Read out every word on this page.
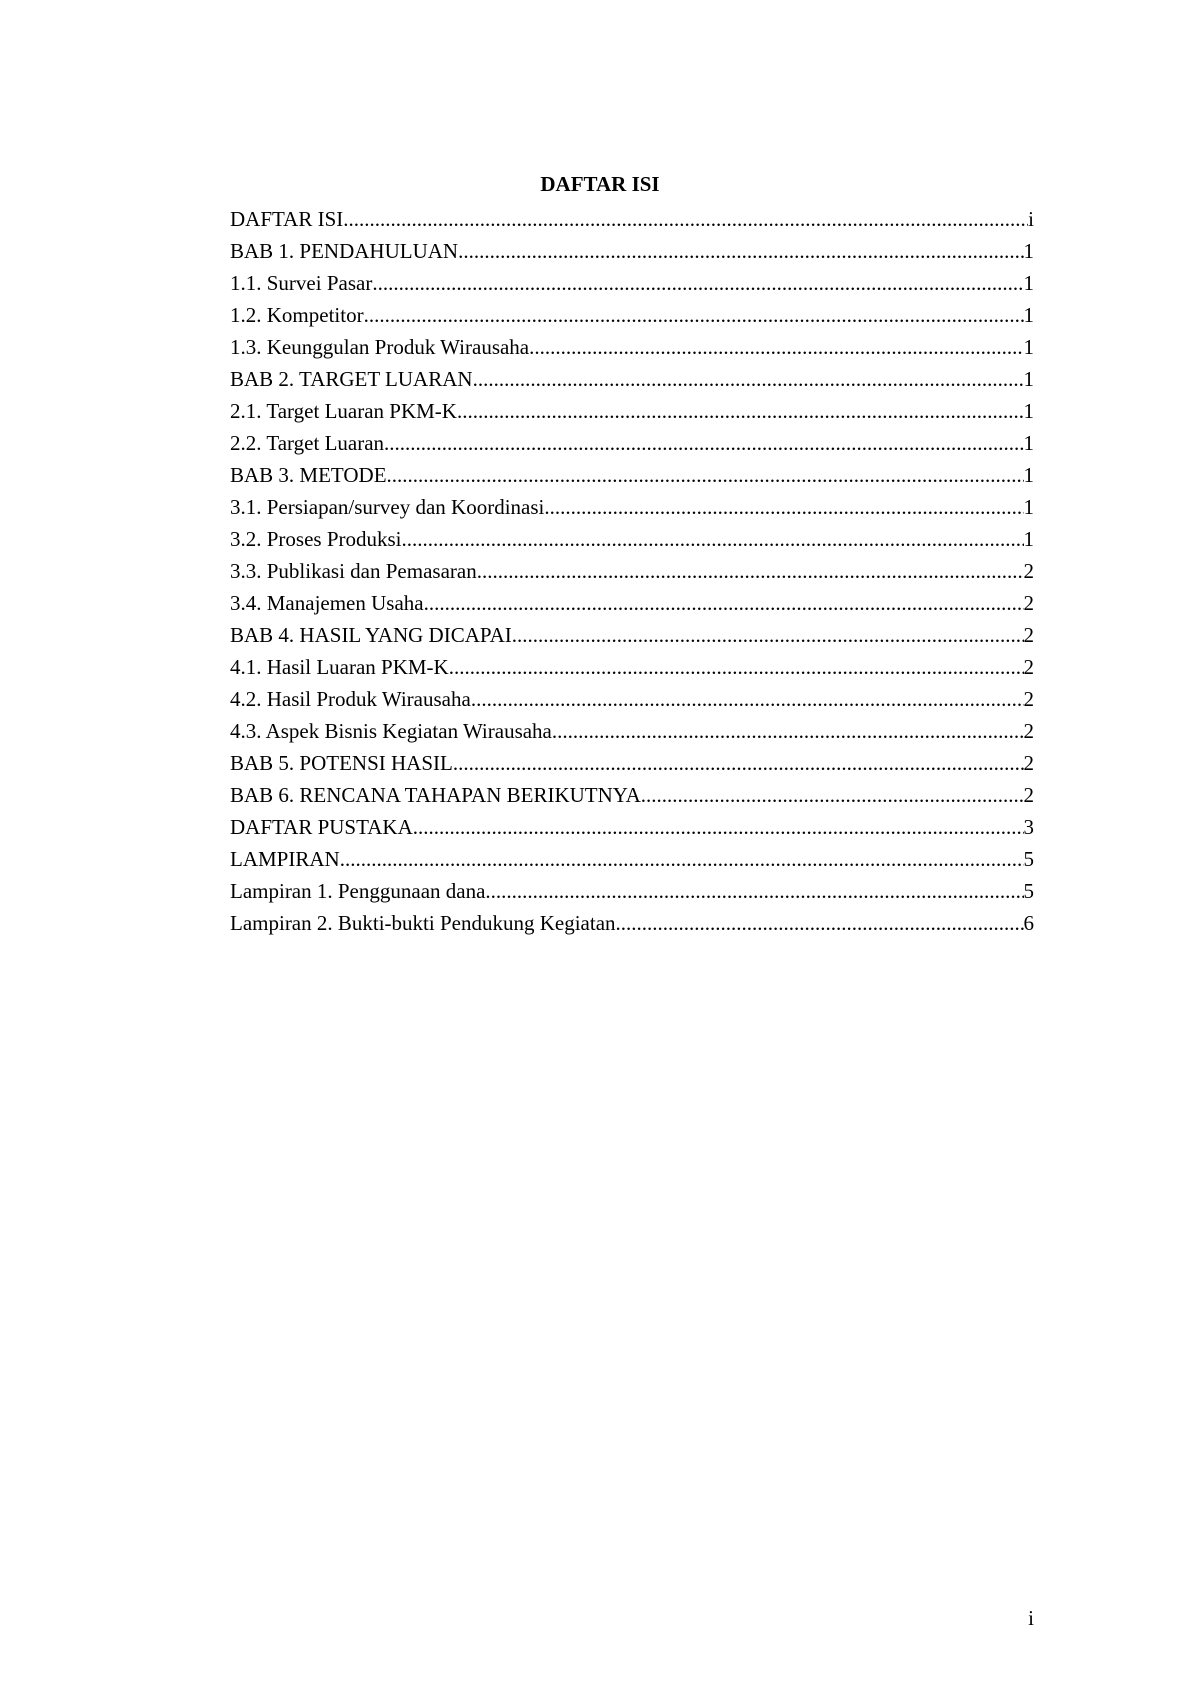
DAFTAR ISI
DAFTAR ISI .....	i
BAB 1. PENDAHULUAN .....	1
1.1. Survei Pasar .....	1
1.2. Kompetitor .....	1
1.3. Keunggulan Produk Wirausaha .....	1
BAB 2. TARGET LUARAN .....	1
2.1. Target Luaran PKM-K .....	1
2.2. Target Luaran .....	1
BAB 3. METODE .....	1
3.1. Persiapan/survey dan Koordinasi .....	1
3.2. Proses Produksi .....	1
3.3. Publikasi dan Pemasaran. .....	2
3.4. Manajemen Usaha .....	2
BAB 4. HASIL YANG DICAPAI .....	2
4.1. Hasil Luaran PKM-K .....	2
4.2. Hasil Produk Wirausaha .....	2
4.3. Aspek Bisnis Kegiatan Wirausaha .....	2
BAB 5. POTENSI HASIL .....	2
BAB 6. RENCANA TAHAPAN BERIKUTNYA .....	2
DAFTAR PUSTAKA .....	3
LAMPIRAN .....	5
Lampiran 1. Penggunaan dana .....	5
Lampiran 2. Bukti-bukti Pendukung Kegiatan .....	6
i
